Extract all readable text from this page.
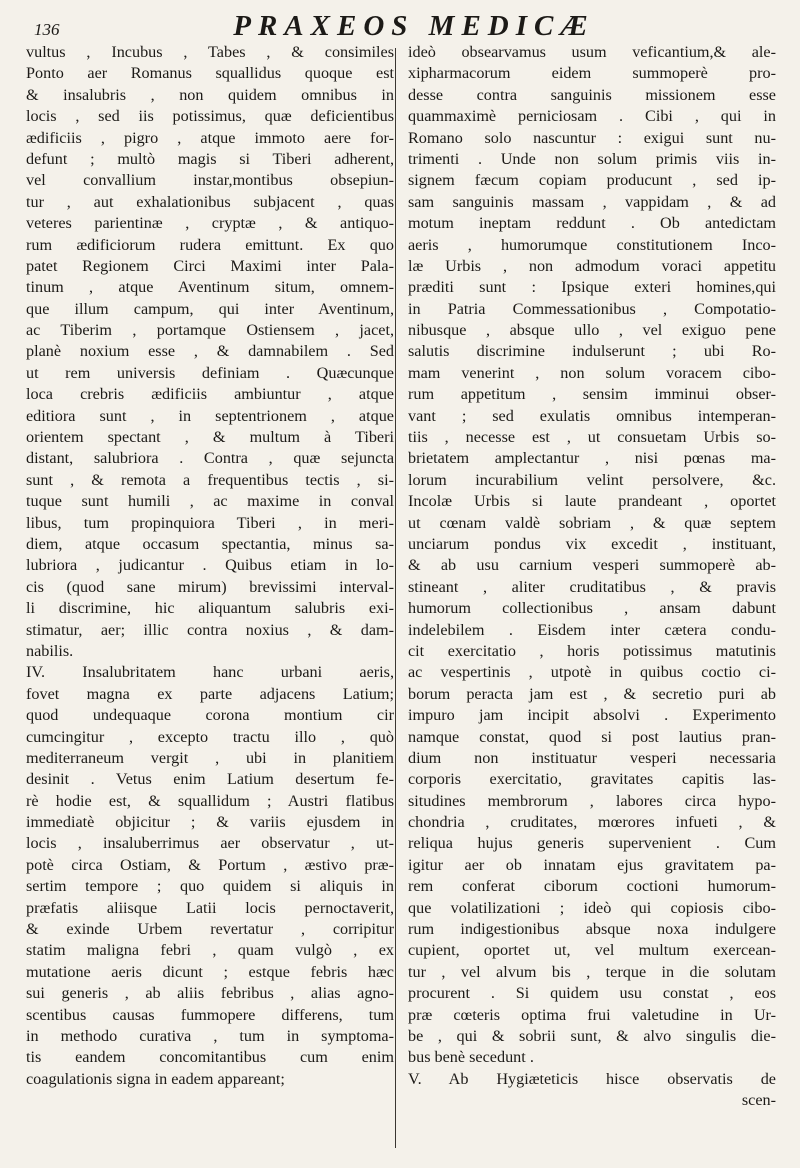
136	PRAXEOS MEDICÆ
vultus , Incubus , Tabes , & consimiles
Ponto aer Romanus squallidus quoque est
& insalubris , non quidem omnibus in
locis , sed iis potissimus, quæ deficientibus
ædificiis , pigro , atque immoto aere for-
defunt ; multò magis si Tiberi adherent,
vel convallium instar,montibus obsepiun-
tur , aut exhalationibus subjacent , quas
veteres parientinæ , cryptæ , & antiquo-
rum ædificiorum rudera emittunt. Ex quo
patet Regionem Circi Maximi inter Pala-
tinum , atque Aventinum situm, omnem-
que illum campum, qui inter Aventinum,
ac Tiberim , portamque Ostiensem , jacet,
planè noxium esse , & damnabilem . Sed
ut rem universis definiam . Quæcunque
loca crebris ædificiis ambiuntur , atque
editiora sunt , in septentrionem , atque
orientem spectant , & multum à Tiberi
distant, salubriora . Contra , quæ sejuncta
sunt , & remota a frequentibus tectis , si-
tuque sunt humili , ac maxime in conval
libus, tum propinquiora Tiberi , in meri-
diem, atque occasum spectantia, minus sa-
lubriora , judicantur . Quibus etiam in lo-
cis (quod sane mirum) brevissimi interval-
li discrimine, hic aliquantum salubris exi-
stimatur, aer; illic contra noxius , & dam-
nabilis.
IV. Insalubritatem hanc urbani aeris,
fovet magna ex parte adjacens Latium;
quod undequaque corona montium cir
cumcingitur , excepto tractu illo , quò
mediterraneum vergit , ubi in planitiem
desinit . Vetus enim Latium desertum fe-
rè hodie est, & squallidum ; Austri flatibus
immediatè objicitur ; & variis ejusdem in
locis , insaluberrimus aer observatur , ut-
potè circa Ostiam, & Portum , æstivo præ-
sertim tempore ; quo quidem si aliquis in
præfatis aliisque Latii locis pernoctaverit,
& exinde Urbem revertatur , corripitur
statim maligna febri , quam vulgò , ex
mutatione aeris dicunt ; estque febris hæc
sui generis , ab aliis febribus , alias agno-
scentibus causas fummopere differens, tum
in methodo curativa , tum in symptoma-
tis eandem concomitantibus cum enim
coagulationis signa in eadem appareant;
ideò obsearvamus usum veficantium,& ale-
xipharmacorum eidem summoperè pro-
desse contra sanguinis missionem esse
quammaximè perniciosam . Cibi , qui in
Romano solo nascuntur : exigui sunt nu-
trimenti . Unde non solum primis viis in-
signem fæcum copiam producunt , sed ip-
sam sanguinis massam , vappidam , & ad
motum ineptam reddunt . Ob antedictam
aeris , humorumque constitutionem Inco-
læ Urbis , non admodum voraci appetitu
præditi sunt : Ipsique exteri homines,qui
in Patria Commessationibus , Compotatio-
nibusque , absque ullo , vel exiguo pene
salutis discrimine indulserunt ; ubi Ro-
mam venerint , non solum voracem cibo-
rum appetitum , sensim imminui obser-
vant ; sed exulatis omnibus intemperan-
tiis , necesse est , ut consuetam Urbis so-
brietatem amplectantur , nisi pœnas ma-
lorum incurabilium velint persolvere, &c.
Incolæ Urbis si laute prandeant , oportet
ut cœnam valdè sobriam , & quæ septem
unciarum pondus vix excedit , instituant,
& ab usu carnium vesperi summoperè ab-
stineant , aliter cruditatibus , & pravis
humorum collectionibus , ansam dabunt
indelebilem . Eisdem inter cætera condu-
cit exercitatio , horis potissimus matutinis
ac vespertinis , utpotè in quibus coctio ci-
borum peracta jam est , & secretio puri ab
impuro jam incipit absolvi . Experimento
namque constat, quod si post lautius pran-
dium non instituatur vesperi necessaria
corporis exercitatio, gravitates capitis las-
situdines membrorum , labores circa hypo-
chondria , cruditates, mœrores infueti , &
reliqua hujus generis supervenient . Cum
igitur aer ob innatam ejus gravitatem pa-
rem conferat ciborum coctioni humorum-
que volatilizationi ; ideò qui copiosis cibo-
rum indigestionibus absque noxa indulgere
cupient, oportet ut, vel multum exercean-
tur , vel alvum bis , terque in die solutam
procurent . Si quidem usu constat , eos
præ cœteris optima frui valetudine in Ur-
be , qui & sobrii sunt, & alvo singulis die-
bus benè secedunt .
V. Ab Hygiæteticis hisce observatis de
scen-
